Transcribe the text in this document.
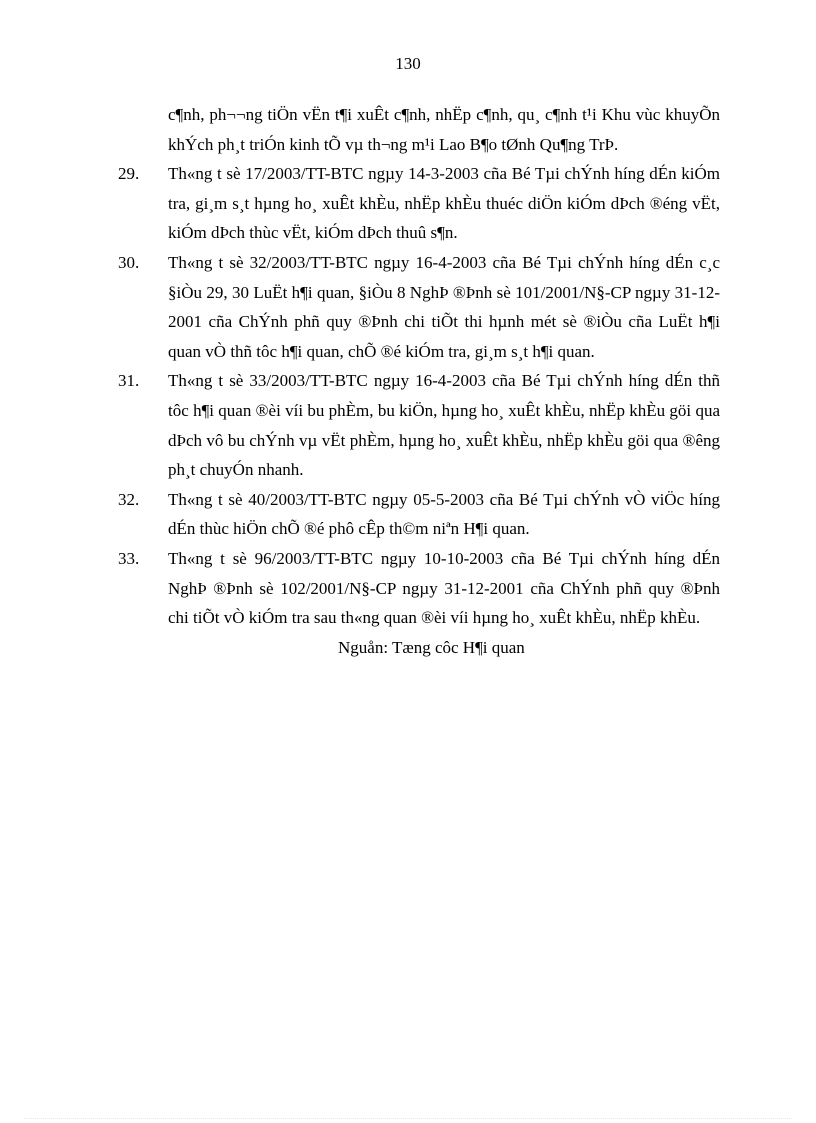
130

c¶nh, ph¬¬ng tiÖn vËn t¶i xuÊt c¶nh, nhËp c¶nh, qu¸ c¶nh t¹i Khu vùc khuyÕn khÝch ph¸t triÓn kinh tÕ vµ th¬ng m¹i Lao B¶o tØnh Qu¶ng TrÞ.

29.	Th«ng t sè 17/2003/TT-BTC ngµy 14-3-2003 cña Bé Tµi chÝnh híng dÉn kiÓm tra, gi¸m s¸t hµng ho¸ xuÊt khÈu, nhËp khÈu thuéc diÖn kiÓm dÞch ®éng vËt, kiÓm dÞch thùc vËt, kiÓm dÞch thuû s¶n.
30.	Th«ng t sè 32/2003/TT-BTC ngµy 16-4-2003 cña Bé Tµi chÝnh híng dÉn c¸c §iÒu 29, 30 LuËt h¶i quan, §iÒu 8 NghÞ ®Þnh sè 101/2001/N§-CP ngµy 31-12-2001 cña ChÝnh phñ quy ®Þnh chi tiÕt thi hµnh mét sè ®iÒu cña LuËt h¶i quan vÒ thñ tôc h¶i quan, chÕ ®é kiÓm tra, gi¸m s¸t h¶i quan.
31.	Th«ng t sè 33/2003/TT-BTC ngµy 16-4-2003 cña Bé Tµi chÝnh híng dÉn thñ tôc h¶i quan ®èi víi bu phÈm, bu kiÖn, hµng ho¸ xuÊt khÈu, nhËp khÈu göi qua dÞch vô bu chÝnh vµ vËt phÈm, hµng ho¸ xuÊt khÈu, nhËp khÈu göi qua ®êng ph¸t chuyÓn nhanh.
32.	Th«ng t sè 40/2003/TT-BTC ngµy 05-5-2003 cña Bé Tµi chÝnh vÒ viÖc híng dÉn thùc hiÖn chÕ ®é phô cÊp th©m niªn H¶i quan.
33.	Th«ng t sè 96/2003/TT-BTC ngµy 10-10-2003 cña Bé Tµi chÝnh híng dÉn NghÞ ®Þnh sè 102/2001/N§-CP ngµy 31-12-2001 cña ChÝnh phñ quy ®Þnh chi tiÕt vÒ kiÓm tra sau th«ng quan ®èi víi hµng ho¸ xuÊt khÈu, nhËp khÈu.

Nguån: Tæng côc H¶i quan
